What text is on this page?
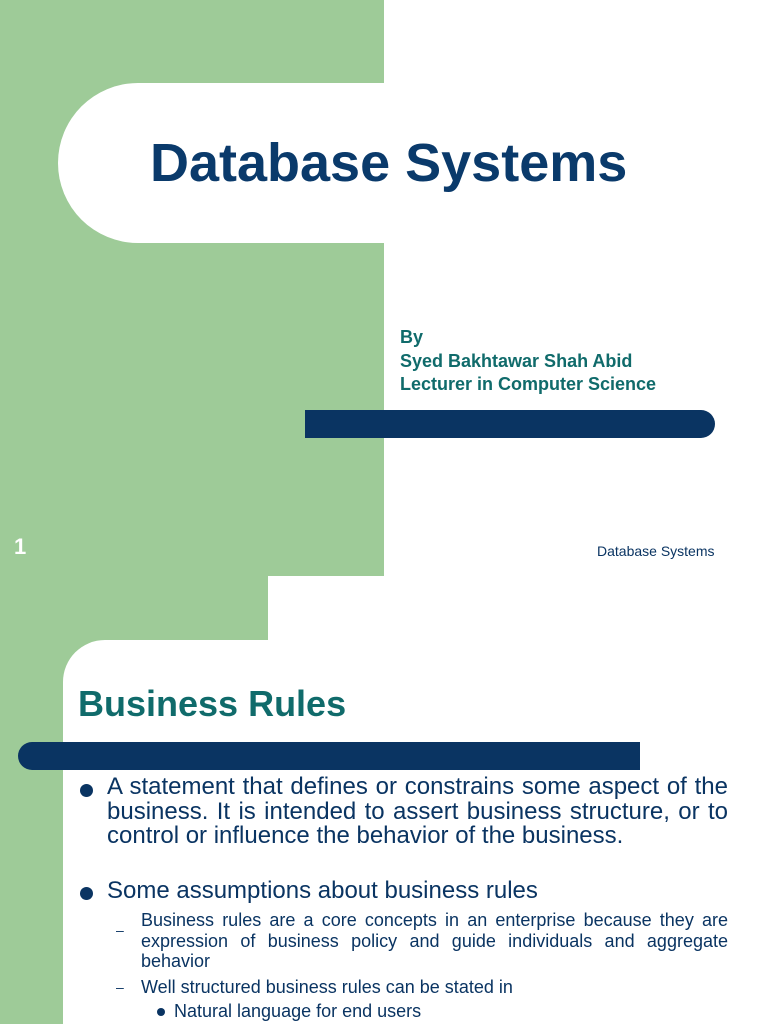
Database Systems
By
Syed Bakhtawar Shah Abid
Lecturer in Computer Science
1	Database Systems
Business Rules
A statement that defines or constrains some aspect of the business. It is intended to assert business structure, or to control or influence the behavior of the business.
Some assumptions about business rules
– Business rules are a core concepts in an enterprise because they are expression of business policy and guide individuals and aggregate behavior
– Well structured business rules can be stated in
Natural language for end users
